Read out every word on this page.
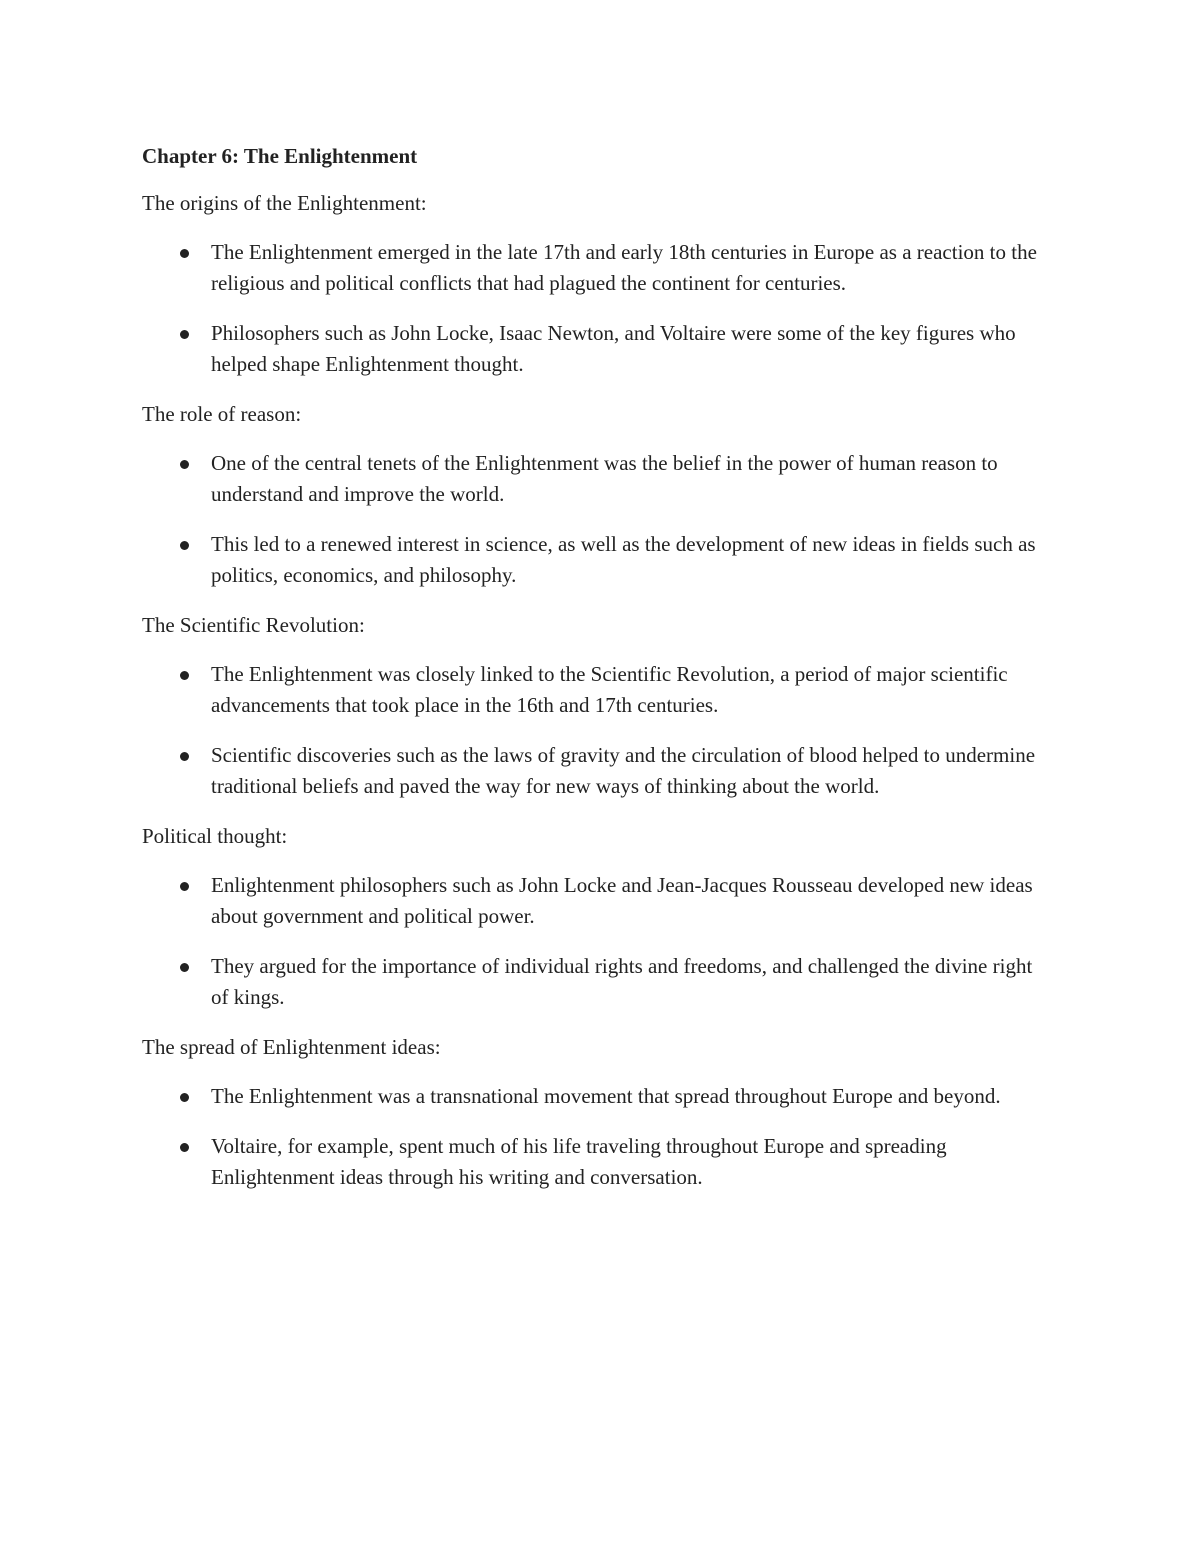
Chapter 6: The Enlightenment
The origins of the Enlightenment:
The Enlightenment emerged in the late 17th and early 18th centuries in Europe as a reaction to the religious and political conflicts that had plagued the continent for centuries.
Philosophers such as John Locke, Isaac Newton, and Voltaire were some of the key figures who helped shape Enlightenment thought.
The role of reason:
One of the central tenets of the Enlightenment was the belief in the power of human reason to understand and improve the world.
This led to a renewed interest in science, as well as the development of new ideas in fields such as politics, economics, and philosophy.
The Scientific Revolution:
The Enlightenment was closely linked to the Scientific Revolution, a period of major scientific advancements that took place in the 16th and 17th centuries.
Scientific discoveries such as the laws of gravity and the circulation of blood helped to undermine traditional beliefs and paved the way for new ways of thinking about the world.
Political thought:
Enlightenment philosophers such as John Locke and Jean-Jacques Rousseau developed new ideas about government and political power.
They argued for the importance of individual rights and freedoms, and challenged the divine right of kings.
The spread of Enlightenment ideas:
The Enlightenment was a transnational movement that spread throughout Europe and beyond.
Voltaire, for example, spent much of his life traveling throughout Europe and spreading Enlightenment ideas through his writing and conversation.
